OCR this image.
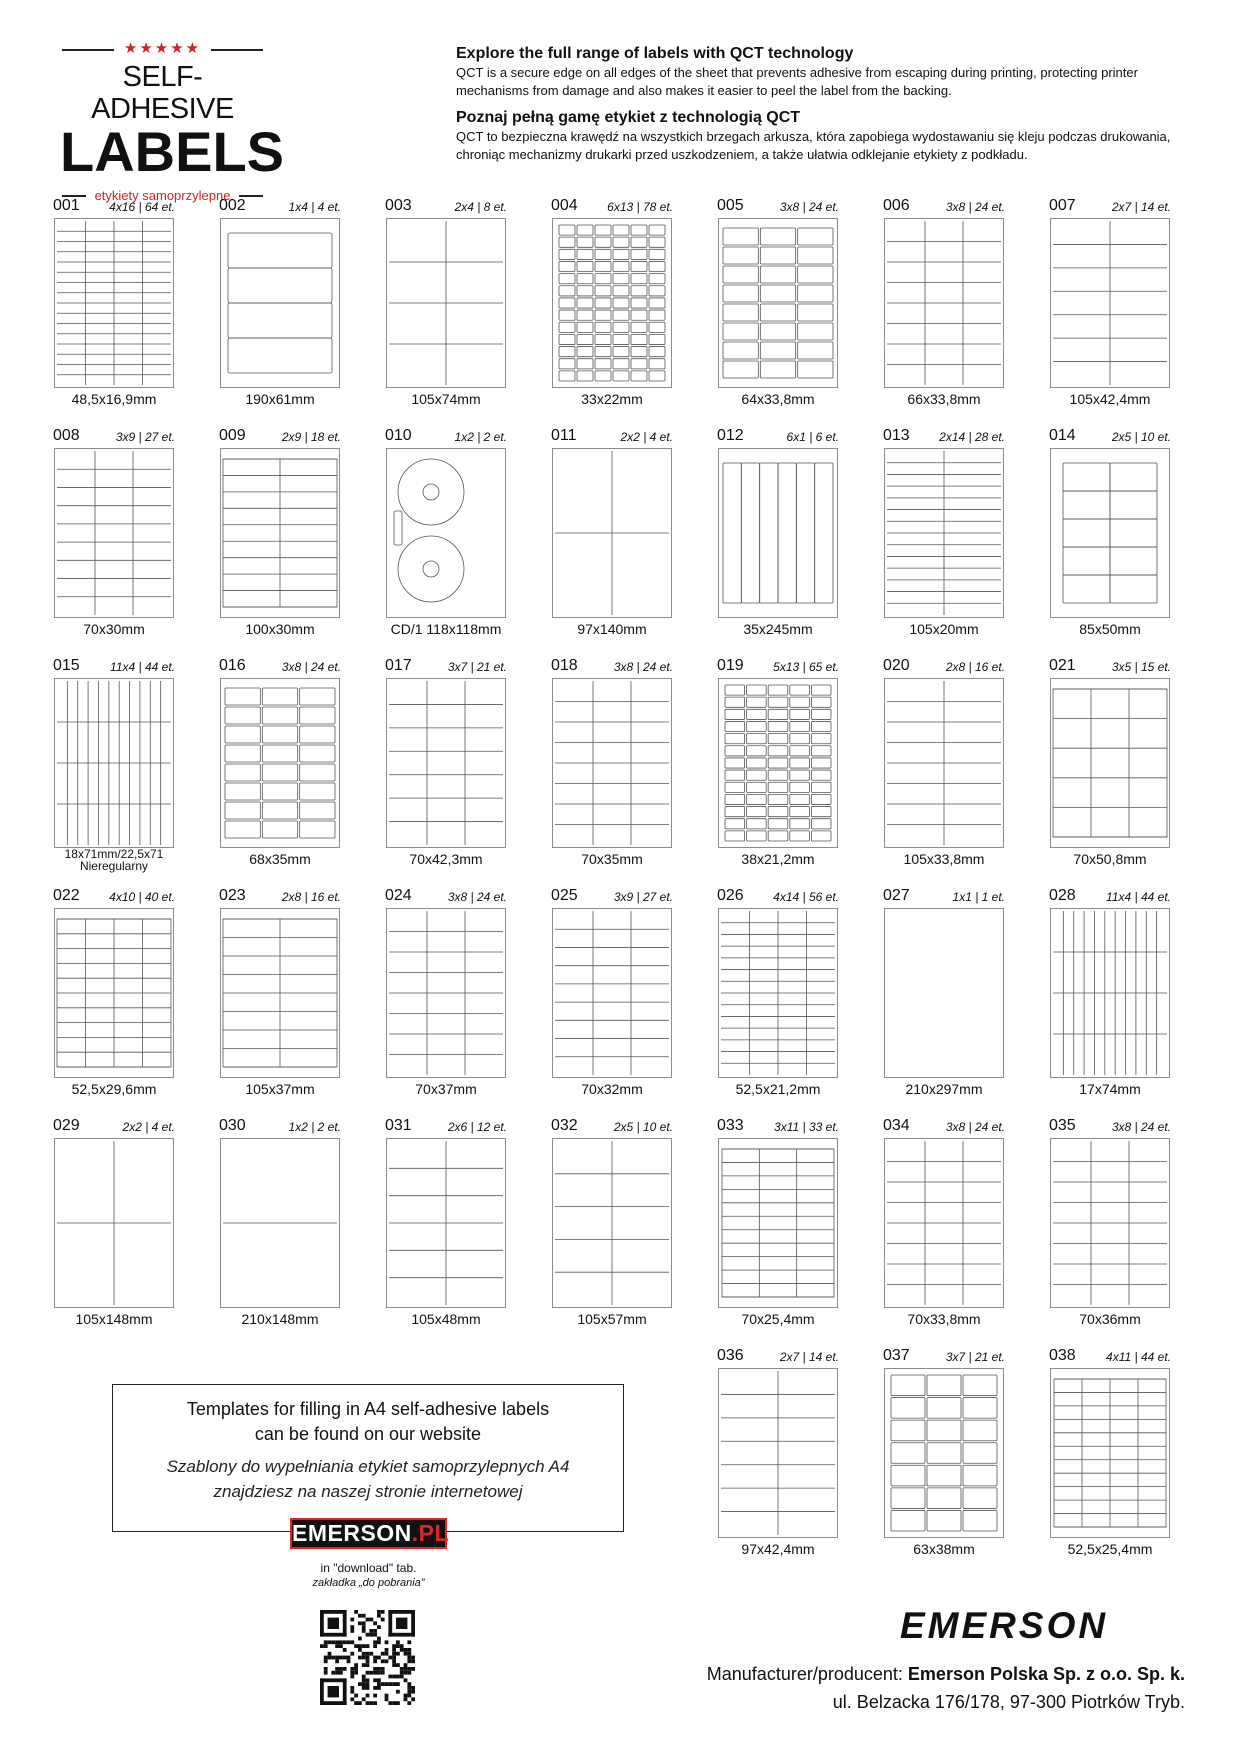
★★★★★
SELF-ADHESIVE
LABELS
etykiety samoprzylepne
Explore the full range of labels with QCT technology

QCT is a secure edge on all edges of the sheet that prevents adhesive from escaping during printing, protecting printer mechanisms from damage and also makes it easier to peel the label from the backing.

Poznaj pełną gamę etykiet z technologią QCT

QCT to bezpieczna krawędź na wszystkich brzegach arkusza, która zapobiega wydostawaniu się kleju podczas drukowania, chroniąc mechanizmy drukarki przed uszkodzeniem, a także ułatwia odklejanie etykiety z podkładu.

001 4x16 | 64 et.
48,5x16,9mm
002	1x4 | 4 et.
190x61mm
003	2x4 | 8 et.
105x74mm
004 6x13 | 78 et.
33x22mm
005	3x8 | 24 et.
64x33,8mm
006	3x8 | 24 et.
66x33,8mm
007	2x7 | 14 et.
105x42,4mm
008	3x9 | 27 et.
70x30mm
009	2x9 | 18 et.
100x30mm
010	1x2 | 2 et.
CD/1 118x118mm
011	2x2 | 4 et.
97x140mm
012	6x1 | 6 et.
35x245mm
013 2x14 | 28 et.
105x20mm
014	2x5 | 10 et.
85x50mm
015	11x4 | 44 et.
18x71mm/22,5x71 Nieregularny
016	3x8 | 24 et.
68x35mm
017	3x7 | 21 et.
70x42,3mm
018	3x8 | 24 et.
70x35mm
019 5x13 | 65 et.
38x21,2mm
020	2x8 | 16 et.
105x33,8mm
021	3x5 | 15 et.
70x50,8mm
022 4x10 | 40 et.
52,5x29,6mm
023	2x8 | 16 et.
105x37mm
024	3x8 | 24 et.
70x37mm
025	3x9 | 27 et.
70x32mm
026 4x14 | 56 et.
52,5x21,2mm
027	1x1 | 1 et.
210x297mm
028	11x4 | 44 et.
17x74mm
029	2x2 | 4 et.
105x148mm
030	1x2 | 2 et.
210x148mm
031	2x6 | 12 et.
105x48mm
032	2x5 | 10 et.
105x57mm
033	3x11 | 33 et.
70x25,4mm
034	3x8 | 24 et.
70x33,8mm
035	3x8 | 24 et.
70x36mm
036	2x7 | 14 et.
97x42,4mm
037	3x7 | 21 et.
63x38mm
038	4x11 | 44 et.
52,5x25,4mm
Templates for filling in A4 self-adhesive labels
can be found on our website
Szablony do wypełniania etykiet samoprzylepnych A4
znajdziesz na naszej stronie internetowej
EMERSON.PL
in "download" tab.
zakładka „do pobrania”
EMERSON
Manufacturer/producent: Emerson Polska Sp. z o.o. Sp. k.
ul. Belzacka 176/178, 97-300 Piotrków Tryb.
